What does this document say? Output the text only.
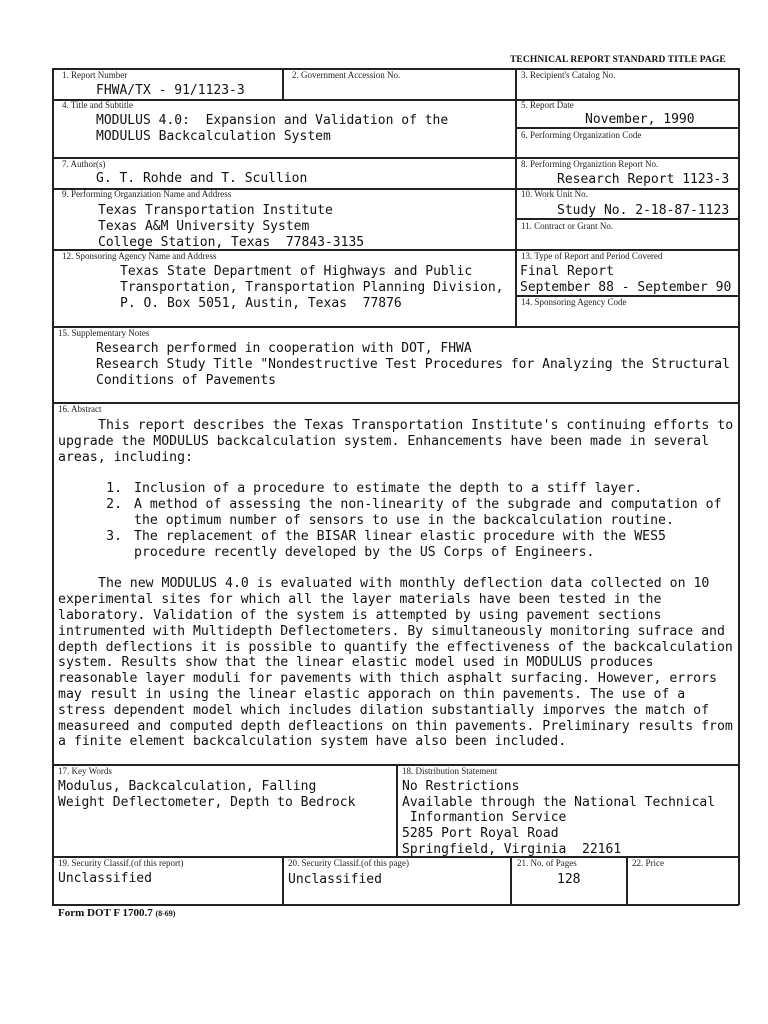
TECHNICAL REPORT STANDARD TITLE PAGE
1. Report Number
FHWA/TX - 91/1123-3
2. Government Accession No.	3. Recipient's Catalog No.
4. Title and Subtitle
MODULUS 4.0:  Expansion and Validation of the
MODULUS Backcalculation System
5. Report Date
November, 1990
6. Performing Organization Code
7. Author(s)
G. T. Rohde and T. Scullion
8. Performing Organiztion Report No.
Research Report 1123-3
9. Performing Organziation Name and Address
Texas Transportation Institute
Texas A&M University System
College Station, Texas  77843-3135
10. Work Unit No.
Study No. 2-18-87-1123
11. Contract or Grant No.
12. Sponsoring Agency Name and Address
Texas State Department of Highways and Public
Transportation, Transportation Planning Division,
P. O. Box 5051, Austin, Texas  77876
13. Type of Report and Period Covered
Final Report
September 88 - September 90
14. Sponsoring Agency Code
15. Supplementary Notes
Research performed in cooperation with DOT, FHWA
Research Study Title "Nondestructive Test Procedures for Analyzing the Structural
Conditions of Pavements
16. Abstract

This report describes the Texas Transportation Institute's continuing efforts to upgrade the MODULUS backcalculation system. Enhancements have been made in several areas, including:

1. Inclusion of a procedure to estimate the depth to a stiff layer.
2. A method of assessing the non-linearity of the subgrade and computation of the optimum number of sensors to use in the backcalculation routine.
3. The replacement of the BISAR linear elastic procedure with the WES5 procedure recently developed by the US Corps of Engineers.

The new MODULUS 4.0 is evaluated with monthly deflection data collected on 10 experimental sites for which all the layer materials have been tested in the laboratory. Validation of the system is attempted by using pavement sections intrumented with Multidepth Deflectometers. By simultaneously monitoring sufrace and depth deflections it is possible to quantify the effectiveness of the backcalculation system. Results show that the linear elastic model used in MODULUS produces reasonable layer moduli for pavements with thich asphalt surfacing. However, errors may result in using the linear elastic apporach on thin pavements. The use of a stress dependent model which includes dilation substantially imporves the match of measureed and computed depth defleactions on thin pavements. Preliminary results from a finite element backcalculation system have also been included.

17. Key Words
Modulus, Backcalculation, Falling
Weight Deflectometer, Depth to Bedrock
18. Distribution Statement
No Restrictions
Available through the National Technical
Informantion Service
5285 Port Royal Road
Springfield, Virginia  22161
19. Security Classif.(of this report)
Unclassified
20. Security Classif.(of this page)
Unclassified
21. No. of Pages
128
22. Price
Form DOT F 1700.7 (8-69)
